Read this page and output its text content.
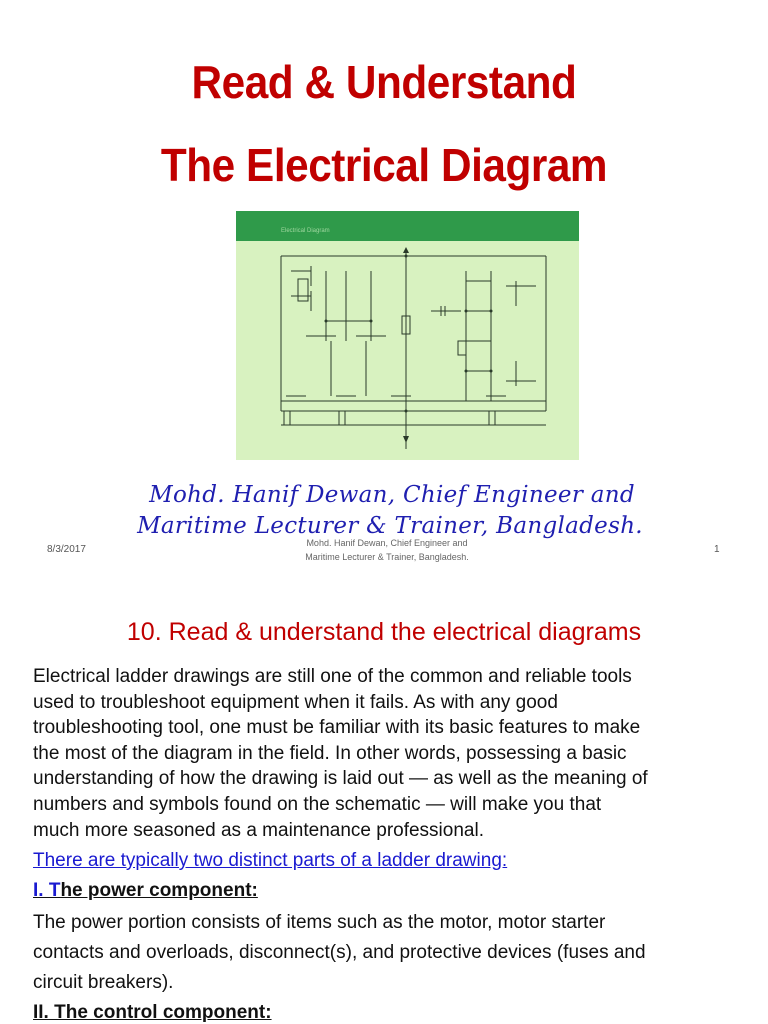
Read & Understand
The Electrical Diagram
Electrical Diagram
Mohd. Hanif Dewan, Chief Engineer and
Maritime Lecturer & Trainer, Bangladesh.
8/3/2017
Mohd. Hanif Dewan, Chief Engineer and
Maritime Lecturer & Trainer, Bangladesh.
1
10. Read & understand the electrical diagrams
Electrical ladder drawings are still one of the common and reliable tools
used to troubleshoot equipment when it fails. As with any good
troubleshooting tool, one must be familiar with its basic features to make
the most of the diagram in the field. In other words, possessing a basic
understanding of how the drawing is laid out — as well as the meaning of
numbers and symbols found on the schematic — will make you that
much more seasoned as a maintenance professional.
There are typically two distinct parts of a ladder drawing:
I. The power component:
The power portion consists of items such as the motor, motor starter
contacts and overloads, disconnect(s), and protective devices (fuses and
circuit breakers).
II. The control component:
